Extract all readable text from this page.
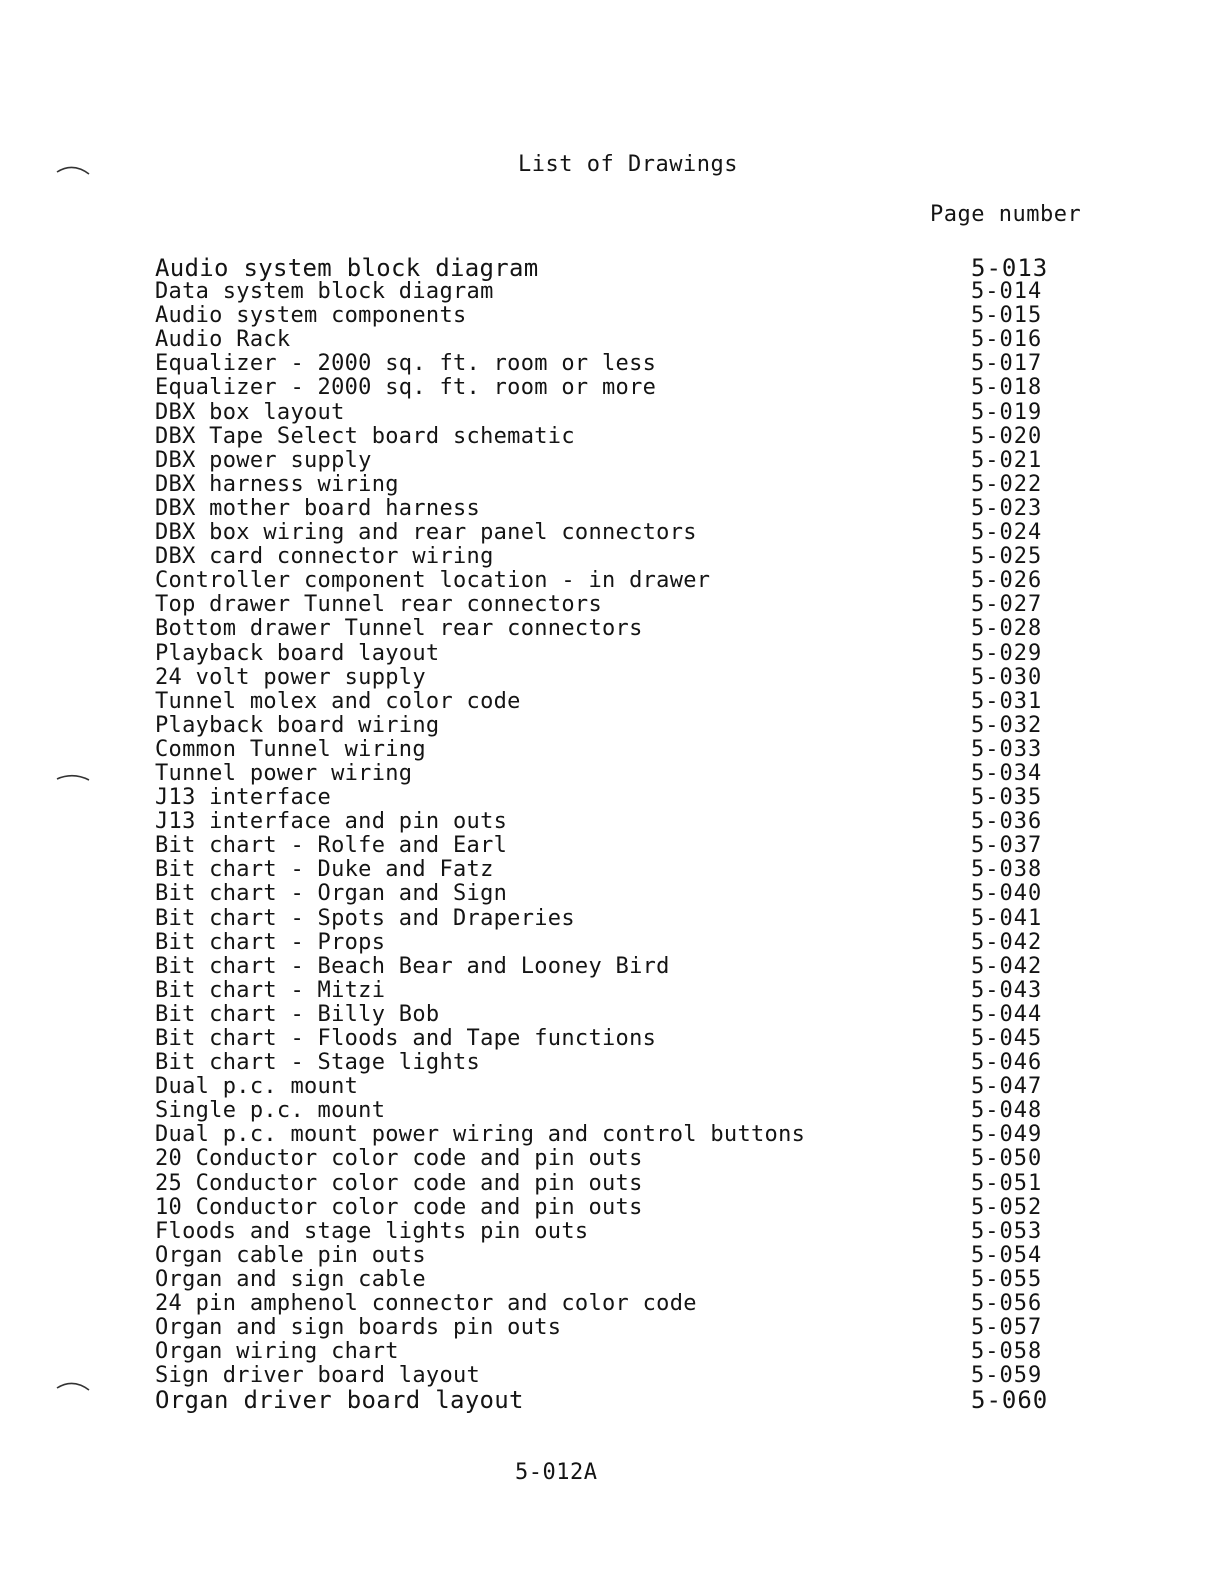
List of Drawings
Page number
Audio system block diagram	5-013
Data system block diagram	5-014
Audio system components	5-015
Audio Rack	5-016
Equalizer - 2000 sq. ft. room or less	5-017
Equalizer - 2000 sq. ft. room or more	5-018
DBX box layout	5-019
DBX Tape Select board schematic	5-020
DBX power supply	5-021
DBX harness wiring	5-022
DBX mother board harness	5-023
DBX box wiring and rear panel connectors	5-024
DBX card connector wiring	5-025
Controller component location - in drawer	5-026
Top drawer Tunnel rear connectors	5-027
Bottom drawer Tunnel rear connectors	5-028
Playback board layout	5-029
24 volt power supply	5-030
Tunnel molex and color code	5-031
Playback board wiring	5-032
Common Tunnel wiring	5-033
Tunnel power wiring	5-034
J13 interface	5-035
J13 interface and pin outs	5-036
Bit chart - Rolfe and Earl	5-037
Bit chart - Duke and Fatz	5-038
Bit chart - Organ and Sign	5-040
Bit chart - Spots and Draperies	5-041
Bit chart - Props	5-042
Bit chart - Beach Bear and Looney Bird	5-042
Bit chart - Mitzi	5-043
Bit chart - Billy Bob	5-044
Bit chart - Floods and Tape functions	5-045
Bit chart - Stage lights	5-046
Dual p.c. mount	5-047
Single p.c. mount	5-048
Dual p.c. mount power wiring and control buttons	5-049
20 Conductor color code and pin outs	5-050
25 Conductor color code and pin outs	5-051
10 Conductor color code and pin outs	5-052
Floods and stage lights pin outs	5-053
Organ cable pin outs	5-054
Organ and sign cable	5-055
24 pin amphenol connector and color code	5-056
Organ and sign boards pin outs	5-057
Organ wiring chart	5-058
Sign driver board layout	5-059
Organ driver board layout	5-060
5-012A
